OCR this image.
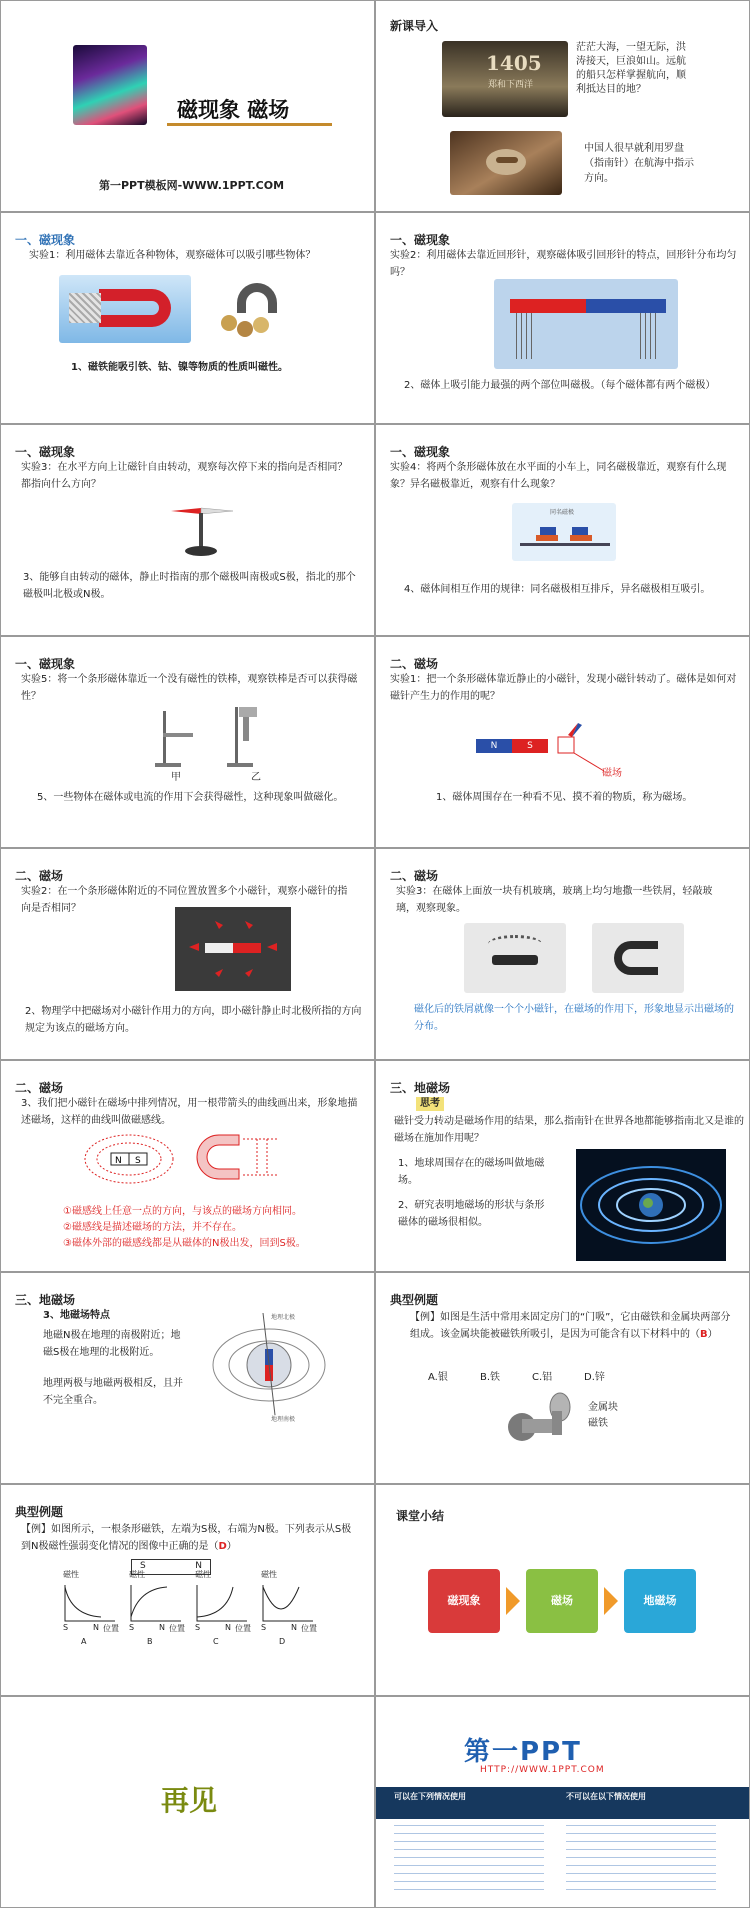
磁现象 磁场
第一PPT模板网-WWW.1PPT.COM
新课导入
1405
郑和下西洋
茫茫大海，一望无际，洪涛接天，巨浪如山。远航的船只怎样掌握航向，顺利抵达目的地？
中国人很早就利用罗盘（指南针）在航海中指示方向。
一、磁现象
实验1：利用磁体去靠近各种物体，观察磁体可以吸引哪些物体？
1、磁铁能吸引铁、钴、镍等物质的性质叫磁性。
一、磁现象
实验2：利用磁体去靠近回形针，观察磁体吸引回形针的特点，回形针分布均匀吗？
2、磁体上吸引能力最强的两个部位叫磁极。（每个磁体都有两个磁极）
一、磁现象
实验3：在水平方向上让磁针自由转动，观察每次停下来的指向是否相同？都指向什么方向？
3、能够自由转动的磁体，静止时指南的那个磁极叫南极或S极，指北的那个磁极叫北极或N极。
一、磁现象
实验4：将两个条形磁体放在水平面的小车上，同名磁极靠近，观察有什么现象？异名磁极靠近，观察有什么现象？
同名磁极
4、磁体间相互作用的规律：同名磁极相互排斥，异名磁极相互吸引。
一、磁现象
实验5：将一个条形磁体靠近一个没有磁性的铁棒，观察铁棒是否可以获得磁性？
甲	乙
5、一些物体在磁体或电流的作用下会获得磁性，这种现象叫做磁化。
二、磁场
实验1：把一个条形磁体靠近静止的小磁针，发现小磁针转动了。磁体是如何对磁针产生力的作用的呢？
N	S
磁场
1、磁体周围存在一种看不见、摸不着的物质，称为磁场。
二、磁场
实验2：在一个条形磁体附近的不同位置放置多个小磁针，观察小磁针的指向是否相同？
2、物理学中把磁场对小磁针作用力的方向，即小磁针静止时北极所指的方向规定为该点的磁场方向。
二、磁场
实验3：在磁体上面放一块有机玻璃，玻璃上均匀地撒一些铁屑，轻敲玻璃，观察现象。
磁化后的铁屑就像一个个小磁针，在磁场的作用下，形象地显示出磁场的分布。
二、磁场
3、我们把小磁针在磁场中排列情况，用一根带箭头的曲线画出来，形象地描述磁场，这样的曲线叫做磁感线。
N S
①磁感线上任意一点的方向，与该点的磁场方向相同。
②磁感线是描述磁场的方法，并不存在。
③磁体外部的磁感线都是从磁体的N极出发，回到S极。
三、地磁场
思考
磁针受力转动是磁场作用的结果，那么指南针在世界各地都能够指南北又是谁的磁场在施加作用呢？
1、地球周围存在的磁场叫做地磁场。
2、研究表明地磁场的形状与条形磁体的磁场很相似。
三、地磁场
3、地磁场特点
地磁N极在地理的南极附近；地磁S极在地理的北极附近。
地理两极与地磁两极相反，且并不完全重合。
地理北极
地理南极
典型例题
【例】如图是生活中常用来固定房门的“门吸”，它由磁铁和金属块两部分组成。该金属块能被磁铁所吸引，是因为可能含有以下材料中的（B）
A.银	B.铁	C.铝	D.锌
金属块
磁铁
典型例题
【例】如图所示，一根条形磁铁，左端为S极，右端为N极。下列表示从S极到N极磁性强弱变化情况的图像中正确的是（D）
S	N
磁性
S	N 位置
A
磁性
S	N 位置
B
磁性
S	N 位置
C
磁性
S	N 位置
D
课堂小结
磁现象	磁场	地磁场
再见
第一PPT
HTTP://WWW.1PPT.COM
可以在下列情况使用	不可以在以下情况使用
